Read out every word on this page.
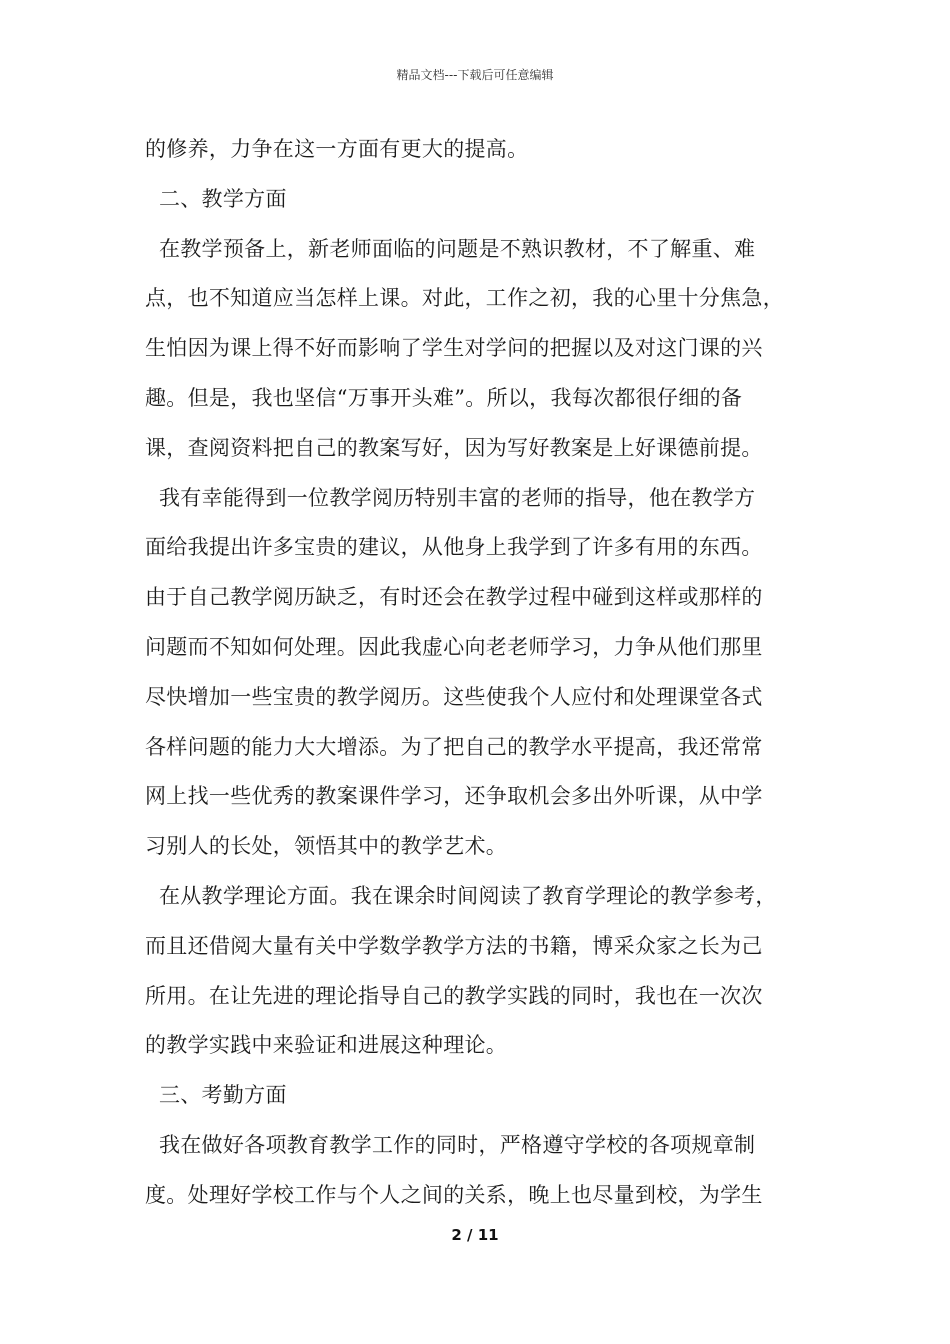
精品文档---下载后可任意编辑
的修养，力争在这一方面有更大的提高。
二、教学方面
在教学预备上，新老师面临的问题是不熟识教材，不了解重、难
点，也不知道应当怎样上课。对此，工作之初，我的心里十分焦急，
生怕因为课上得不好而影响了学生对学问的把握以及对这门课的兴
趣。但是，我也坚信“万事开头难”。所以，我每次都很仔细的备
课，查阅资料把自己的教案写好，因为写好教案是上好课德前提。
我有幸能得到一位教学阅历特别丰富的老师的指导，他在教学方
面给我提出许多宝贵的建议，从他身上我学到了许多有用的东西。
由于自己教学阅历缺乏，有时还会在教学过程中碰到这样或那样的
问题而不知如何处理。因此我虚心向老老师学习，力争从他们那里
尽快增加一些宝贵的教学阅历。这些使我个人应付和处理课堂各式
各样问题的能力大大增添。为了把自己的教学水平提高，我还常常
网上找一些优秀的教案课件学习，还争取机会多出外听课，从中学
习别人的长处，领悟其中的教学艺术。
在从教学理论方面。我在课余时间阅读了教育学理论的教学参考，
而且还借阅大量有关中学数学教学方法的书籍，博采众家之长为己
所用。在让先进的理论指导自己的教学实践的同时，我也在一次次
的教学实践中来验证和进展这种理论。
三、考勤方面
我在做好各项教育教学工作的同时，严格遵守学校的各项规章制
度。处理好学校工作与个人之间的关系，晚上也尽量到校，为学生
2 / 11
